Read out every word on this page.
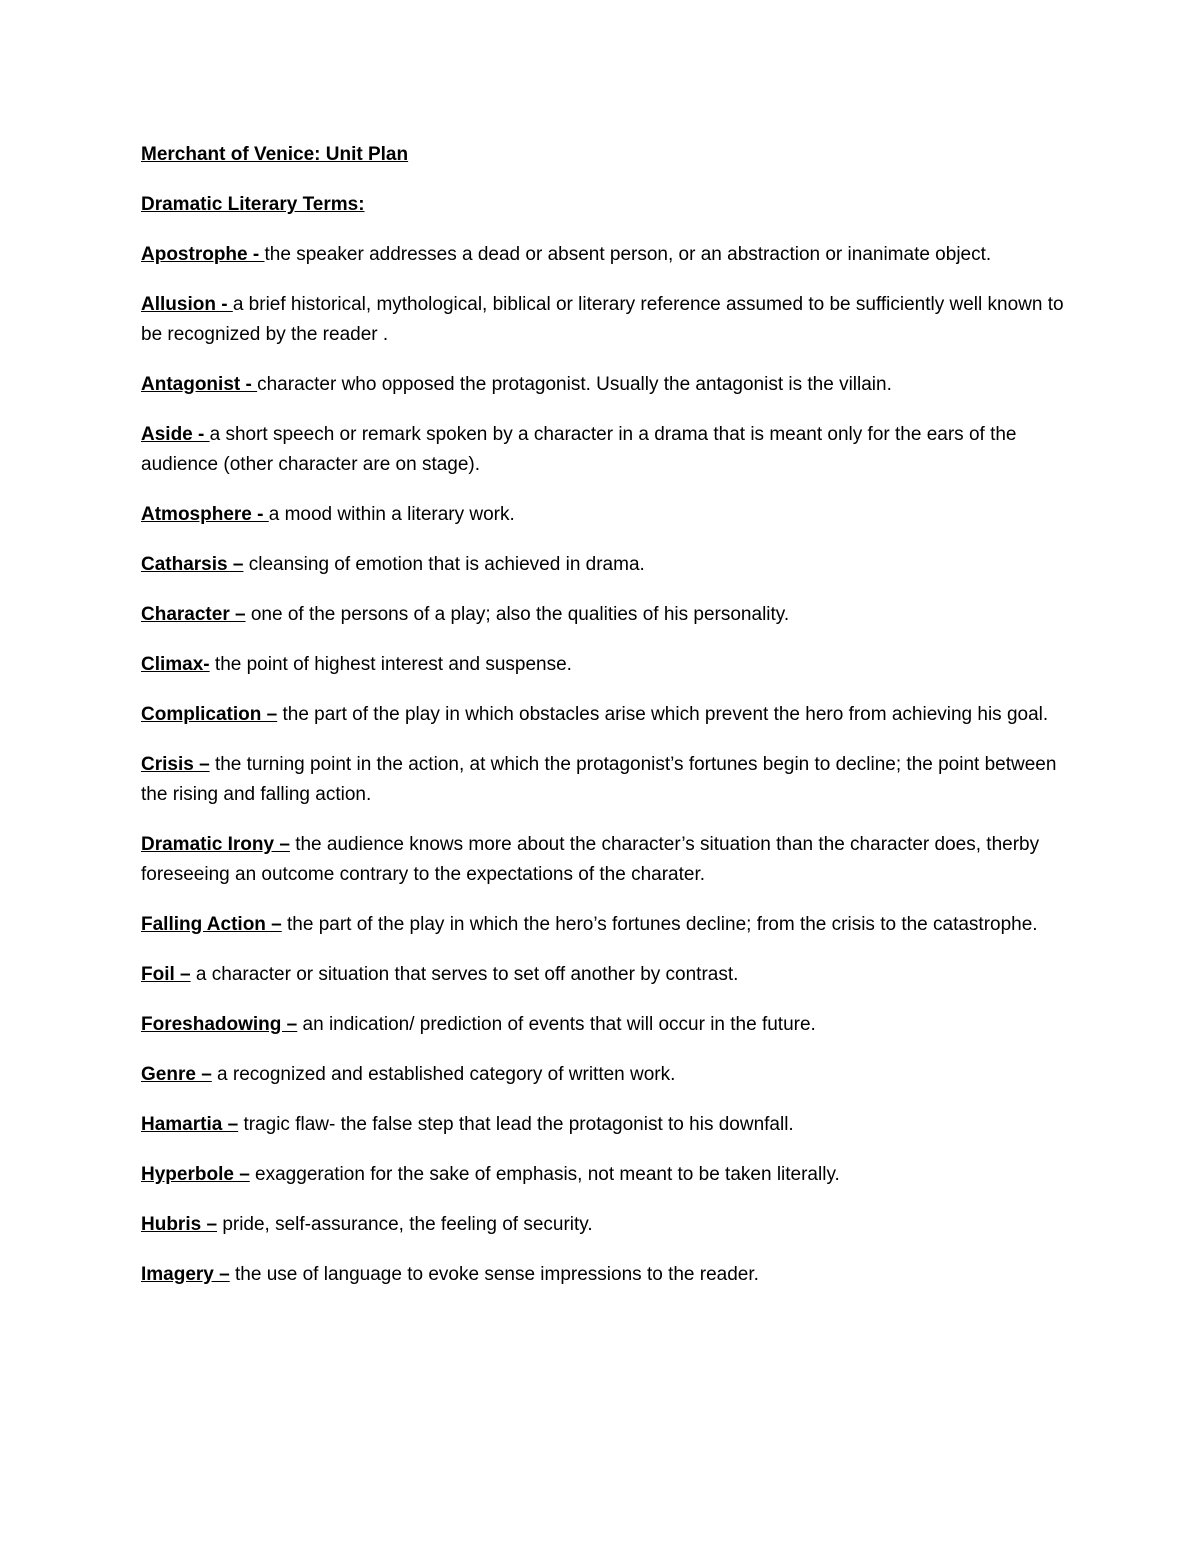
Merchant of Venice: Unit Plan

Dramatic Literary Terms:

Apostrophe - the speaker addresses a dead or absent person, or an abstraction or inanimate object.

Allusion - a brief historical, mythological, biblical or literary reference assumed to be sufficiently well known to be recognized by the reader .

Antagonist - character who opposed the protagonist. Usually the antagonist is the villain.

Aside - a short speech or remark spoken by a character in a drama that is meant only for the ears of the audience (other character are on stage).

Atmosphere - a mood within a literary work.

Catharsis – cleansing of emotion that is achieved in drama.

Character – one of the persons of a play; also the qualities of his personality.

Climax- the point of highest interest and suspense.

Complication – the part of the play in which obstacles arise which prevent the hero from achieving his goal.

Crisis – the turning point in the action, at which the protagonist’s fortunes begin to decline; the point between the rising and falling action.

Dramatic Irony – the audience knows more about the character’s situation than the character does, therby foreseeing an outcome contrary to the expectations of the charater.

Falling Action – the part of the play in which the hero’s fortunes decline; from the crisis to the catastrophe.

Foil – a character or situation that serves to set off another by contrast.

Foreshadowing – an indication/ prediction of events that will occur in the future.

Genre – a recognized and established category of written work.

Hamartia – tragic flaw- the false step that lead the protagonist to his downfall.

Hyperbole – exaggeration for the sake of emphasis, not meant to be taken literally.

Hubris – pride, self-assurance, the feeling of security.

Imagery – the use of language to evoke sense impressions to the reader.
